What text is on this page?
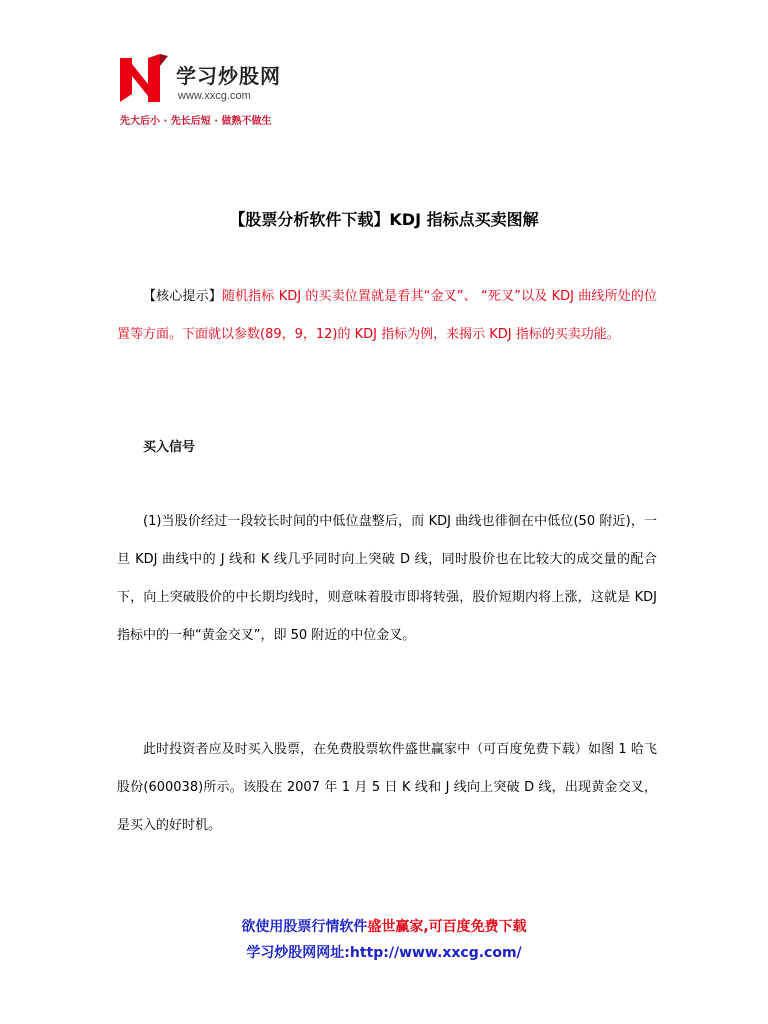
学习炒股网
www.xxcg.com
先大后小 · 先长后短 · 做熟不做生
【股票分析软件下载】KDJ 指标点买卖图解
【核心提示】随机指标 KDJ 的买卖位置就是看其“金叉”、 “死叉”以及 KDJ 曲线所处的位置等方面。下面就以参数(89，9，12)的 KDJ 指标为例，来揭示 KDJ 指标的买卖功能。
买入信号
(1)当股价经过一段较长时间的中低位盘整后，而 KDJ 曲线也徘徊在中低位(50 附近)，一旦 KDJ 曲线中的 J 线和 K 线几乎同时向上突破 D 线，同时股价也在比较大的成交量的配合下，向上突破股价的中长期均线时，则意味着股市即将转强，股价短期内将上涨，这就是 KDJ 指标中的一种“黄金交叉”，即 50 附近的中位金叉。
此时投资者应及时买入股票，在免费股票软件盛世赢家中（可百度免费下载）如图 1 哈飞股份(600038)所示。该股在 2007 年 1 月 5 日 K 线和 J 线向上突破 D 线，出现黄金交叉，是买入的好时机。
欲使用股票行情软件盛世赢家,可百度免费下载
学习炒股网网址:http://www.xxcg.com/
